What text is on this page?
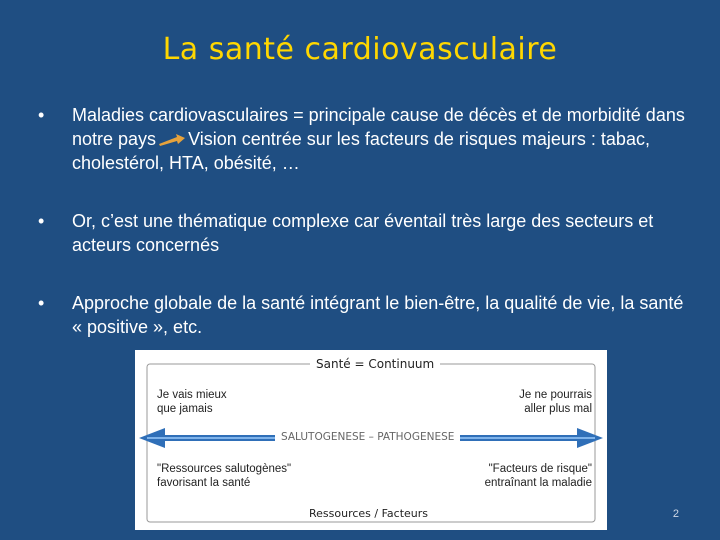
La santé cardiovasculaire
• Maladies cardiovasculaires = principale cause de décès et de morbidité dans notre pays Vision centrée sur les facteurs de risques majeurs : tabac, cholestérol, HTA, obésité, …
• Or, c’est une thématique complexe car éventail très large des secteurs et acteurs concernés
• Approche globale de la santé intégrant le bien-être, la qualité de vie, la santé « positive », etc.
Santé = Continuum
Je vais mieux
que jamais
Je ne pourrais
aller plus mal
SALUTOGENESE – PATHOGENESE
"Ressources salutogènes"
favorisant la santé
"Facteurs de risque"
entraînant la maladie
Ressources / Facteurs	2
